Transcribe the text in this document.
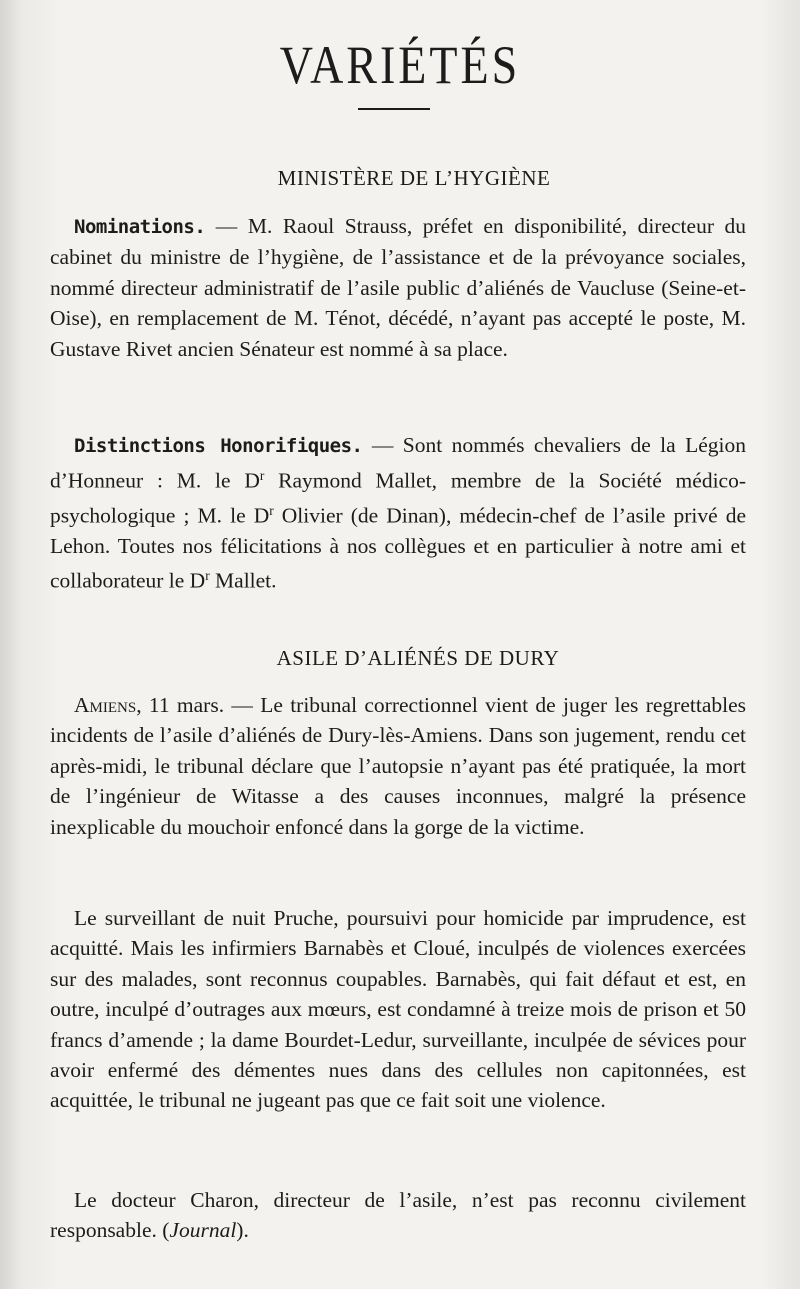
VARIÉTÉS
MINISTÈRE DE L’HYGIÈNE

Nominations. — M. Raoul Strauss, préfet en disponibilité, directeur du cabinet du ministre de l’hygiène, de l’assistance et de la prévoyance sociales, nommé directeur administratif de l’asile public d’aliénés de Vaucluse (Seine-et-Oise), en remplacement de M. Ténot, décédé, n’ayant pas accepté le poste, M. Gustave Rivet ancien Sénateur est nommé à sa place.

Distinctions Honorifiques. — Sont nommés chevaliers de la Légion d’Honneur : M. le $D^r$ Raymond Mallet, membre de la Société médico-psychologique ; M. le $D^r$ Olivier (de Dinan), médecin-chef de l’asile privé de Lehon. Toutes nos félicitations à nos collègues et en particulier à notre ami et collaborateur le $D^r$ Mallet.

ASILE D’ALIÉNÉS DE DURY

Amiens, 11 mars. — Le tribunal correctionnel vient de juger les regrettables incidents de l’asile d’aliénés de Dury-lès-Amiens. Dans son jugement, rendu cet après-midi, le tribunal déclare que l’autopsie n’ayant pas été pratiquée, la mort de l’ingénieur de Witasse a des causes inconnues, malgré la présence inexplicable du mouchoir enfoncé dans la gorge de la victime.

Le surveillant de nuit Pruche, poursuivi pour homicide par imprudence, est acquitté. Mais les infirmiers Barnabès et Cloué, inculpés de violences exercées sur des malades, sont reconnus coupables. Barnabès, qui fait défaut et est, en outre, inculpé d’outrages aux mœurs, est condamné à treize mois de prison et 50 francs d’amende ; la dame Bourdet-Ledur, surveillante, inculpée de sévices pour avoir enfermé des démentes nues dans des cellules non capitonnées, est acquittée, le tribunal ne jugeant pas que ce fait soit une violence.

Le docteur Charon, directeur de l’asile, n’est pas reconnu civilement responsable. (Journal).
